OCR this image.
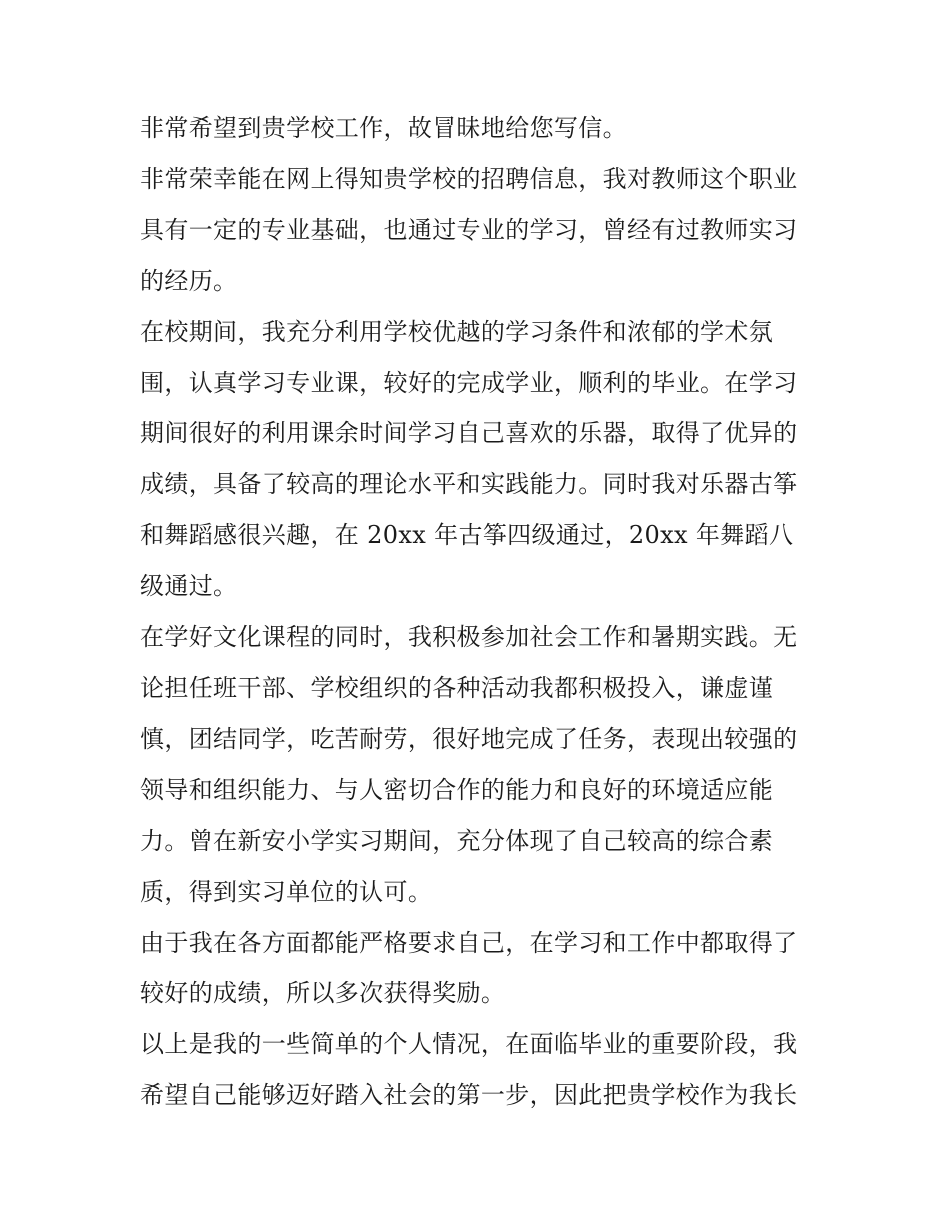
非常希望到贵学校工作，故冒昧地给您写信。

非常荣幸能在网上得知贵学校的招聘信息，我对教师这个职业具有一定的专业基础，也通过专业的学习，曾经有过教师实习的经历。

在校期间，我充分利用学校优越的学习条件和浓郁的学术氛围，认真学习专业课，较好的完成学业，顺利的毕业。在学习期间很好的利用课余时间学习自己喜欢的乐器，取得了优异的成绩，具备了较高的理论水平和实践能力。同时我对乐器古筝和舞蹈感很兴趣，在 20xx 年古筝四级通过，20xx 年舞蹈八级通过。

在学好文化课程的同时，我积极参加社会工作和暑期实践。无论担任班干部、学校组织的各种活动我都积极投入，谦虚谨慎，团结同学，吃苦耐劳，很好地完成了任务，表现出较强的领导和组织能力、与人密切合作的能力和良好的环境适应能力。曾在新安小学实习期间，充分体现了自己较高的综合素质，得到实习单位的认可。

由于我在各方面都能严格要求自己，在学习和工作中都取得了较好的成绩，所以多次获得奖励。

以上是我的一些简单的个人情况，在面临毕业的重要阶段，我希望自己能够迈好踏入社会的第一步，因此把贵学校作为我长
